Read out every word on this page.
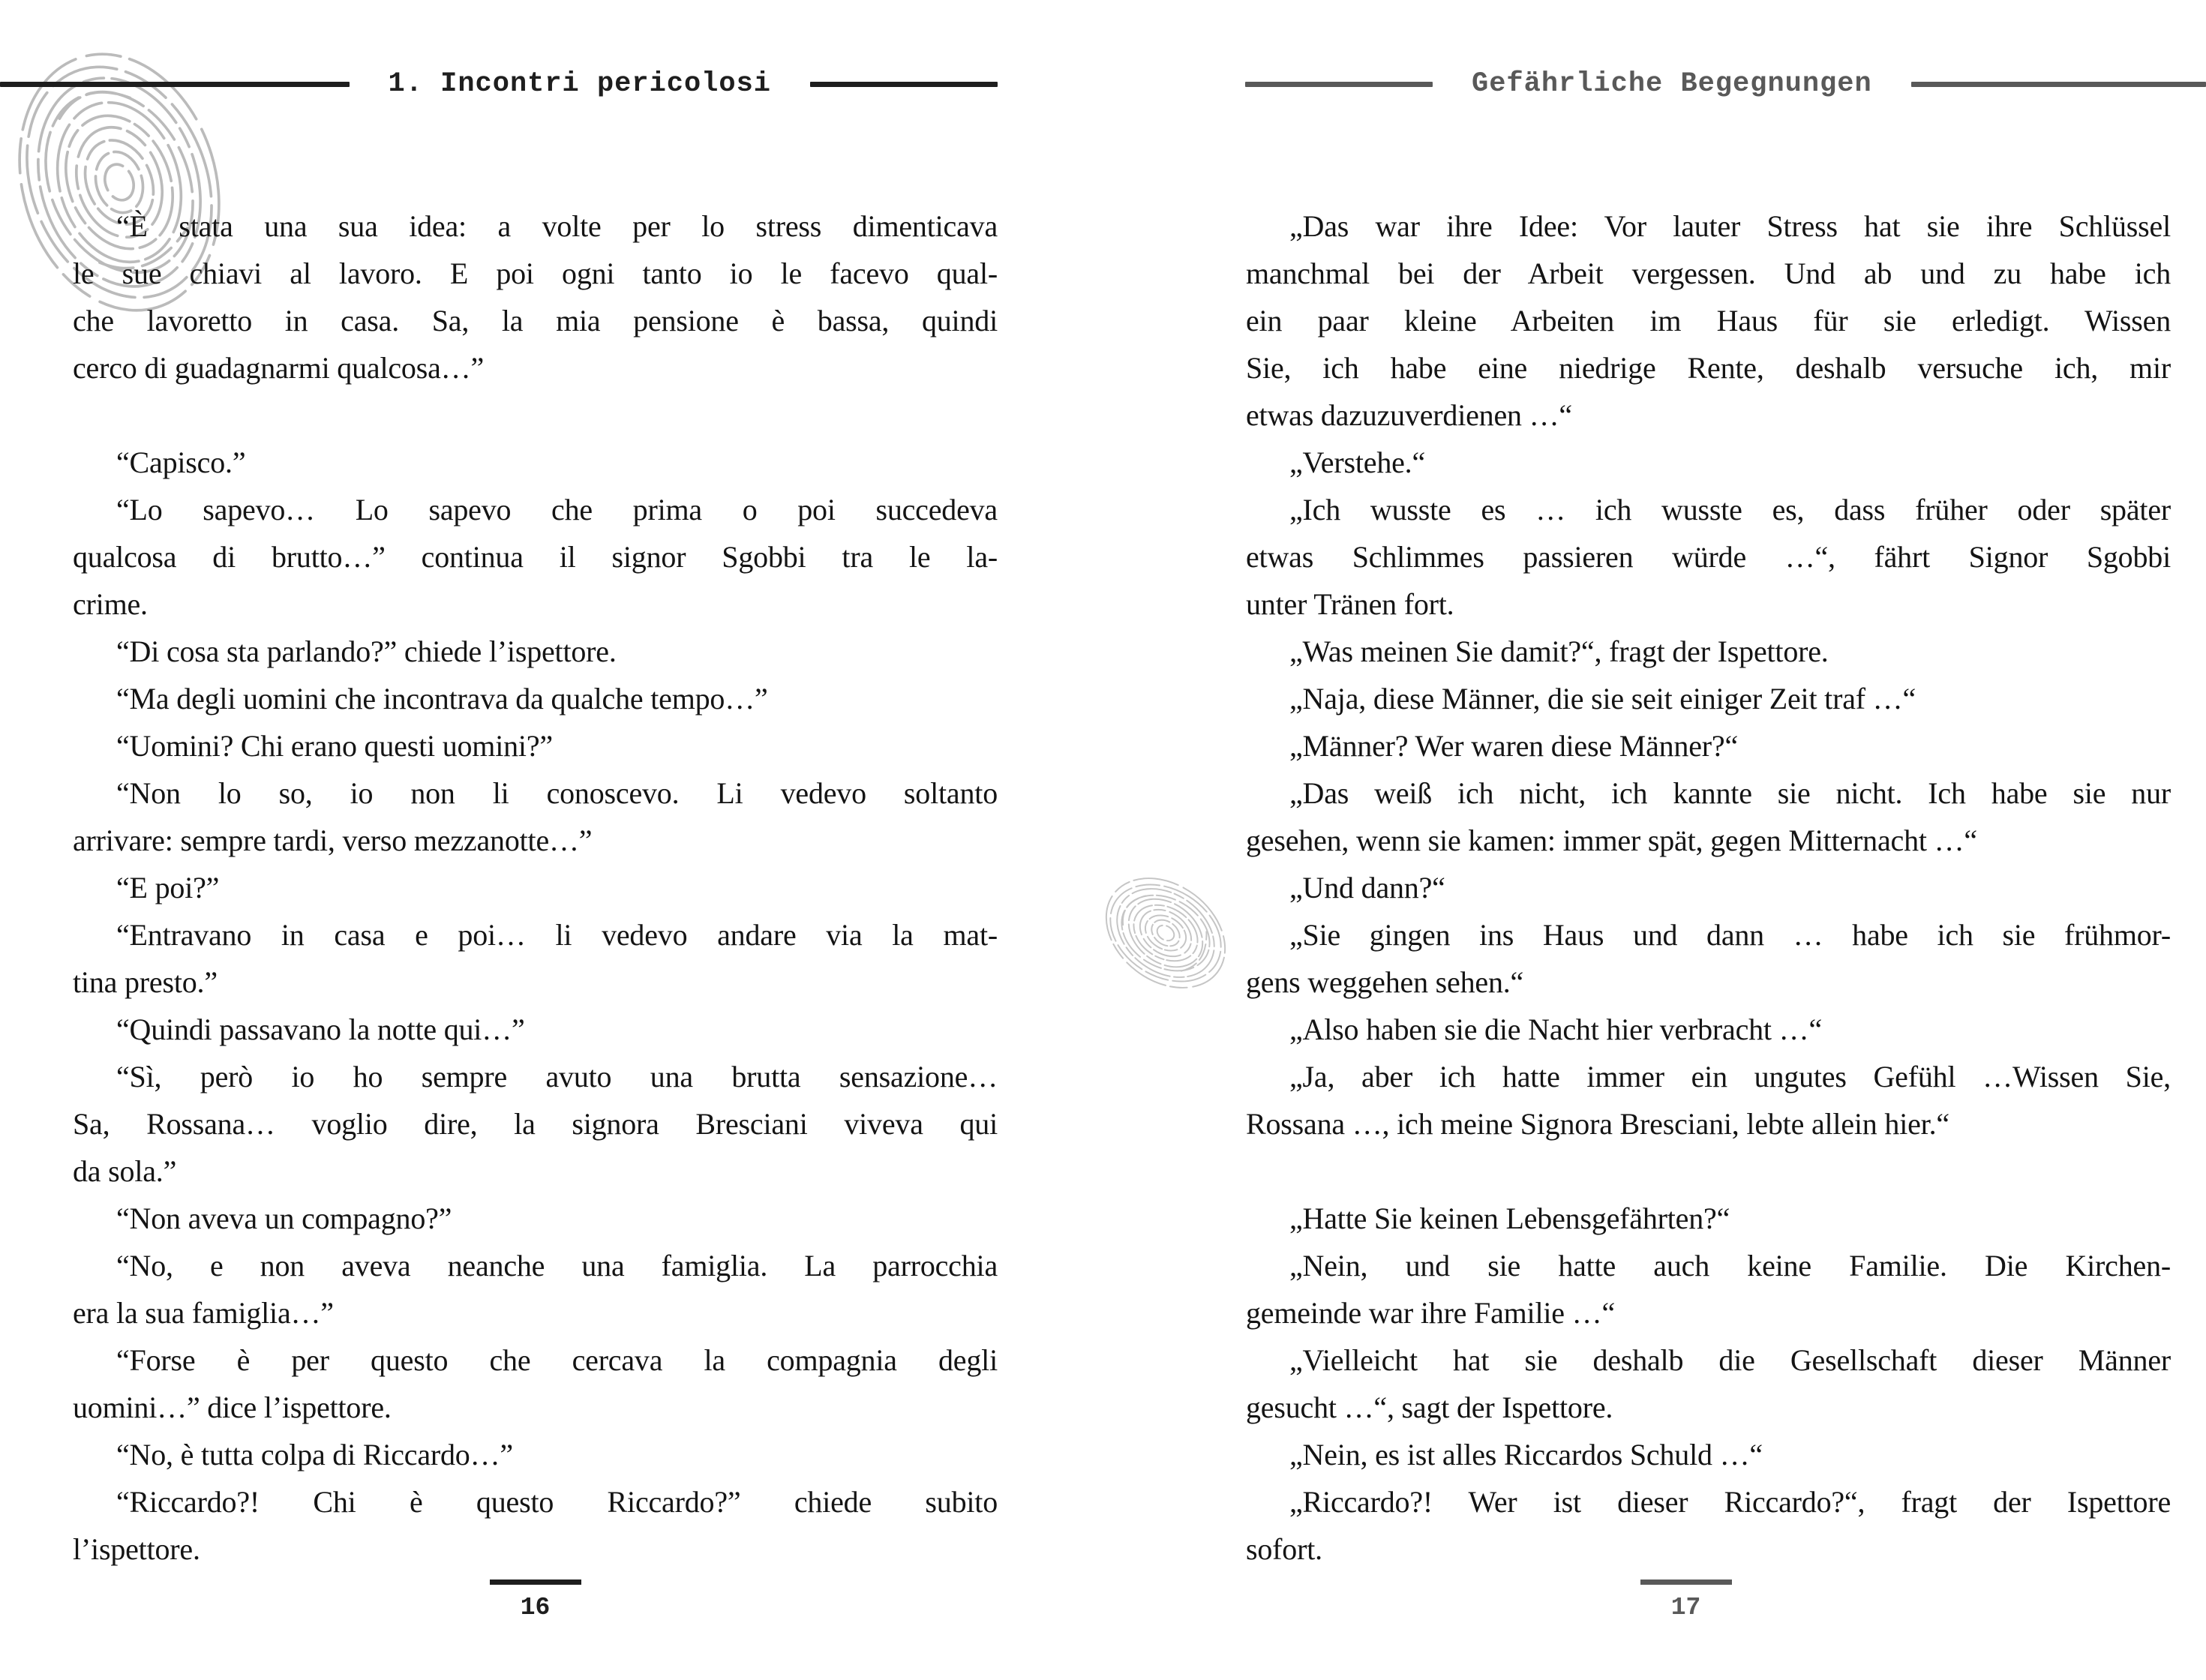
1. Incontri pericolosi
“È stata una sua idea: a volte per lo stress dimenticava
le sue chiavi al lavoro. E poi ogni tanto io le facevo qual-
che lavoretto in casa. Sa, la mia pensione è bassa, quindi
cerco di guadagnarmi qualcosa…”
“Capisco.”
“Lo sapevo… Lo sapevo che prima o poi succedeva
qualcosa di brutto…” continua il signor Sgobbi tra le la-
crime.
“Di cosa sta parlando?” chiede l’ispettore.
“Ma degli uomini che incontrava da qualche tempo…”
“Uomini? Chi erano questi uomini?”
“Non lo so, io non li conoscevo. Li vedevo soltanto
arrivare: sempre tardi, verso mezzanotte…”
“E poi?”
“Entravano in casa e poi… li vedevo andare via la mat-
tina presto.”
“Quindi passavano la notte qui…”
“Sì, però io ho sempre avuto una brutta sensazione…
Sa, Rossana… voglio dire, la signora Bresciani viveva qui
da sola.”
“Non aveva un compagno?”
“No, e non aveva neanche una famiglia. La parrocchia
era la sua famiglia…”
“Forse è per questo che cercava la compagnia degli
uomini…” dice l’ispettore.
“No, è tutta colpa di Riccardo…”
“Riccardo?! Chi è questo Riccardo?” chiede subito
l’ispettore.
16
Gefährliche Begegnungen
„Das war ihre Idee: Vor lauter Stress hat sie ihre Schlüssel
manchmal bei der Arbeit vergessen. Und ab und zu habe ich
ein paar kleine Arbeiten im Haus für sie erledigt. Wissen
Sie, ich habe eine niedrige Rente, deshalb versuche ich, mir
etwas dazuzuverdienen …“
„Verstehe.“
„Ich wusste es … ich wusste es, dass früher oder später
etwas Schlimmes passieren würde …“, fährt Signor Sgobbi
unter Tränen fort.
„Was meinen Sie damit?“, fragt der Ispettore.
„Naja, diese Männer, die sie seit einiger Zeit traf …“
„Männer? Wer waren diese Männer?“
„Das weiß ich nicht, ich kannte sie nicht. Ich habe sie nur
gesehen, wenn sie kamen: immer spät, gegen Mitternacht …“
„Und dann?“
„Sie gingen ins Haus und dann … habe ich sie frühmor-
gens weggehen sehen.“
„Also haben sie die Nacht hier verbracht …“
„Ja, aber ich hatte immer ein ungutes Gefühl …Wissen Sie,
Rossana …, ich meine Signora Bresciani, lebte allein hier.“
„Hatte Sie keinen Lebensgefährten?“
„Nein, und sie hatte auch keine Familie. Die Kirchen-
gemeinde war ihre Familie …“
„Vielleicht hat sie deshalb die Gesellschaft dieser Männer
gesucht …“, sagt der Ispettore.
„Nein, es ist alles Riccardos Schuld …“
„Riccardo?! Wer ist dieser Riccardo?“, fragt der Ispettore
sofort.
17
